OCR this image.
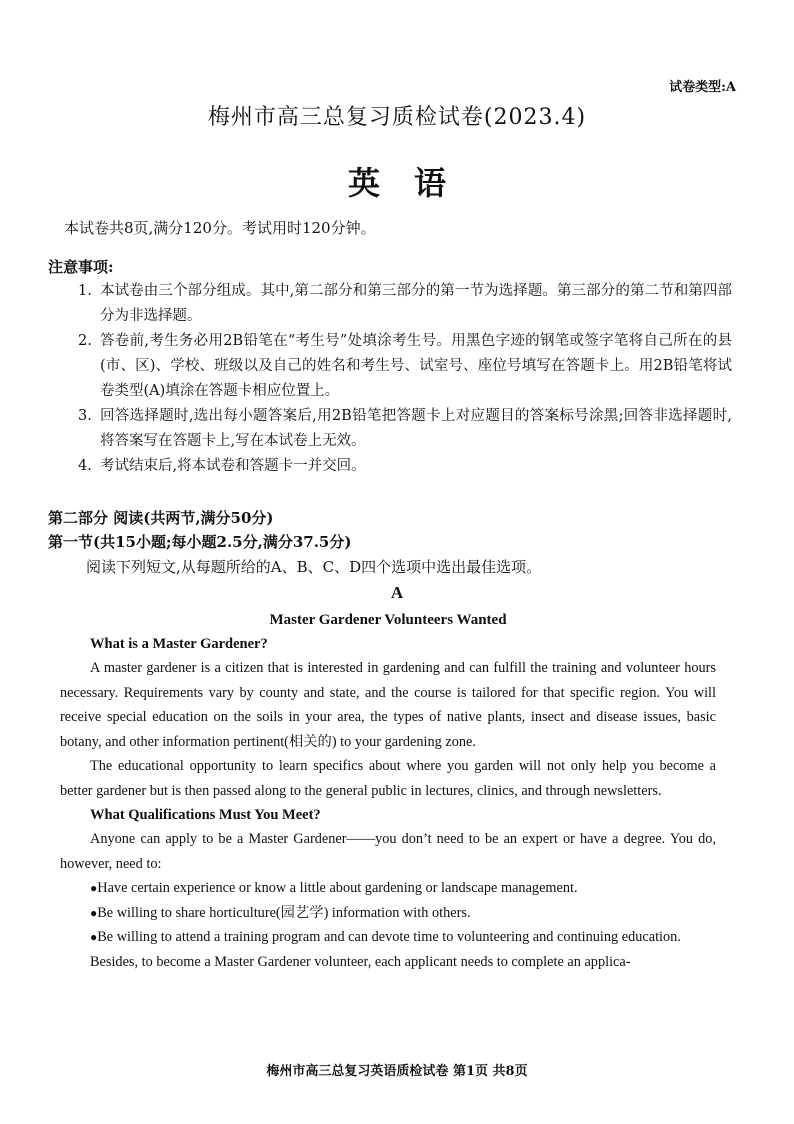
试卷类型:A
梅州市高三总复习质检试卷(2023.4)
英语
本试卷共8页,满分120分。考试用时120分钟。
注意事项:
1. 本试卷由三个部分组成。其中,第二部分和第三部分的第一节为选择题。第三部分的第二节和第四部分为非选择题。
2. 答卷前,考生务必用2B铅笔在“考生号”处填涂考生号。用黑色字迹的钢笔或签字笔将自己所在的县(市、区)、学校、班级以及自己的姓名和考生号、试室号、座位号填写在答题卡上。用2B铅笔将试卷类型(A)填涂在答题卡相应位置上。
3. 回答选择题时,选出每小题答案后,用2B铅笔把答题卡上对应题目的答案标号涂黑;回答非选择题时,将答案写在答题卡上,写在本试卷上无效。
4. 考试结束后,将本试卷和答题卡一并交回。
第二部分 阅读(共两节,满分50分)
第一节(共15小题;每小题2.5分,满分37.5分)
阅读下列短文,从每题所给的A、B、C、D四个选项中选出最佳选项。
A
Master Gardener Volunteers Wanted
What is a Master Gardener?

A master gardener is a citizen that is interested in gardening and can fulfill the training and volunteer hours necessary. Requirements vary by county and state, and the course is tailored for that specific region. You will receive special education on the soils in your area, the types of native plants, insect and disease issues, basic botany, and other information pertinent(相关的) to your gardening zone.

The educational opportunity to learn specifics about where you garden will not only help you become a better gardener but is then passed along to the general public in lectures, clinics, and through newsletters.

What Qualifications Must You Meet?

Anyone can apply to be a Master Gardener——you don’t need to be an expert or have a degree. You do, however, need to:

●Have certain experience or know a little about gardening or landscape management.
●Be willing to share horticulture(园艺学) information with others.
●Be willing to attend a training program and can devote time to volunteering and continuing education.

Besides, to become a Master Gardener volunteer, each applicant needs to complete an applica-

梅州市高三总复习英语质检试卷 第1页 共8页
